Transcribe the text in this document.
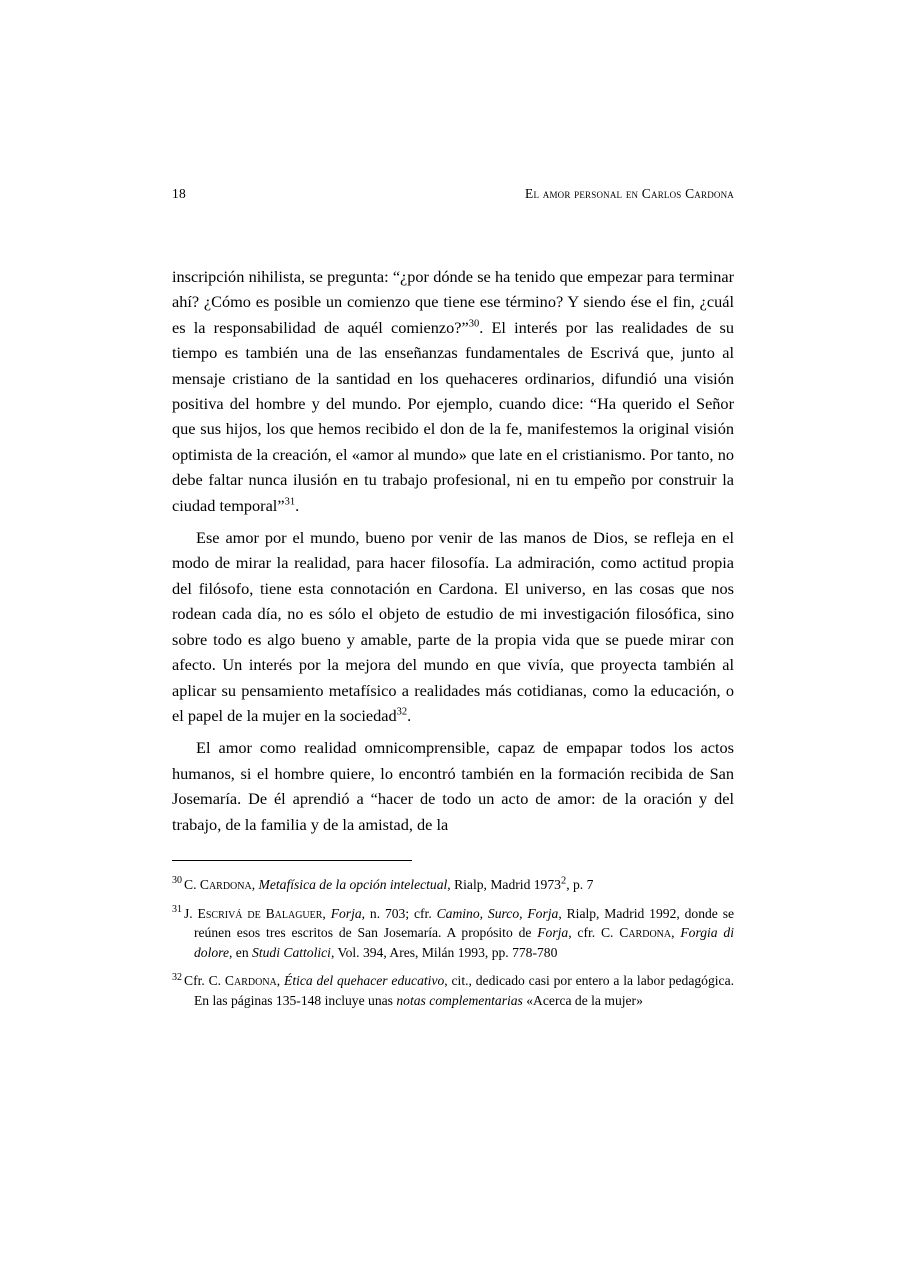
18	El amor personal en Carlos Cardona

inscripción nihilista, se pregunta: “¿por dónde se ha tenido que empezar para terminar ahí? ¿Cómo es posible un comienzo que tiene ese término? Y siendo ése el fin, ¿cuál es la responsabilidad de aquél comienzo?”$^{30}$. El interés por las realidades de su tiempo es también una de las enseñanzas fundamentales de Escrivá que, junto al mensaje cristiano de la santidad en los quehaceres ordinarios, difundió una visión positiva del hombre y del mundo. Por ejemplo, cuando dice: “Ha querido el Señor que sus hijos, los que hemos recibido el don de la fe, manifestemos la original visión optimista de la creación, el «amor al mundo» que late en el cristianismo. Por tanto, no debe faltar nunca ilusión en tu trabajo profesional, ni en tu empeño por construir la ciudad temporal”$^{31}$.

Ese amor por el mundo, bueno por venir de las manos de Dios, se refleja en el modo de mirar la realidad, para hacer filosofía. La admiración, como actitud propia del filósofo, tiene esta connotación en Cardona. El universo, en las cosas que nos rodean cada día, no es sólo el objeto de estudio de mi investigación filosófica, sino sobre todo es algo bueno y amable, parte de la propia vida que se puede mirar con afecto. Un interés por la mejora del mundo en que vivía, que proyecta también al aplicar su pensamiento metafísico a realidades más cotidianas, como la educación, o el papel de la mujer en la sociedad$^{32}$.

El amor como realidad omnicomprensible, capaz de empapar todos los actos humanos, si el hombre quiere, lo encontró también en la formación recibida de San Josemaría. De él aprendió a “hacer de todo un acto de amor: de la oración y del trabajo, de la familia y de la amistad, de la

$^{30}$ C. Cardona, Metafísica de la opción intelectual, Rialp, Madrid 1973$^2$, p. 7
$^{31}$ J. Escrivá de Balaguer, Forja, n. 703; cfr. Camino, Surco, Forja, Rialp, Madrid 1992, donde se reúnen esos tres escritos de San Josemaría. A propósito de Forja, cfr. C. Cardona, Forgia di dolore, en Studi Cattolici, Vol. 394, Ares, Milán 1993, pp. 778-780
$^{32}$ Cfr. C. Cardona, Ética del quehacer educativo, cit., dedicado casi por entero a la labor pedagógica. En las páginas 135-148 incluye unas notas complementarias «Acerca de la mujer»
